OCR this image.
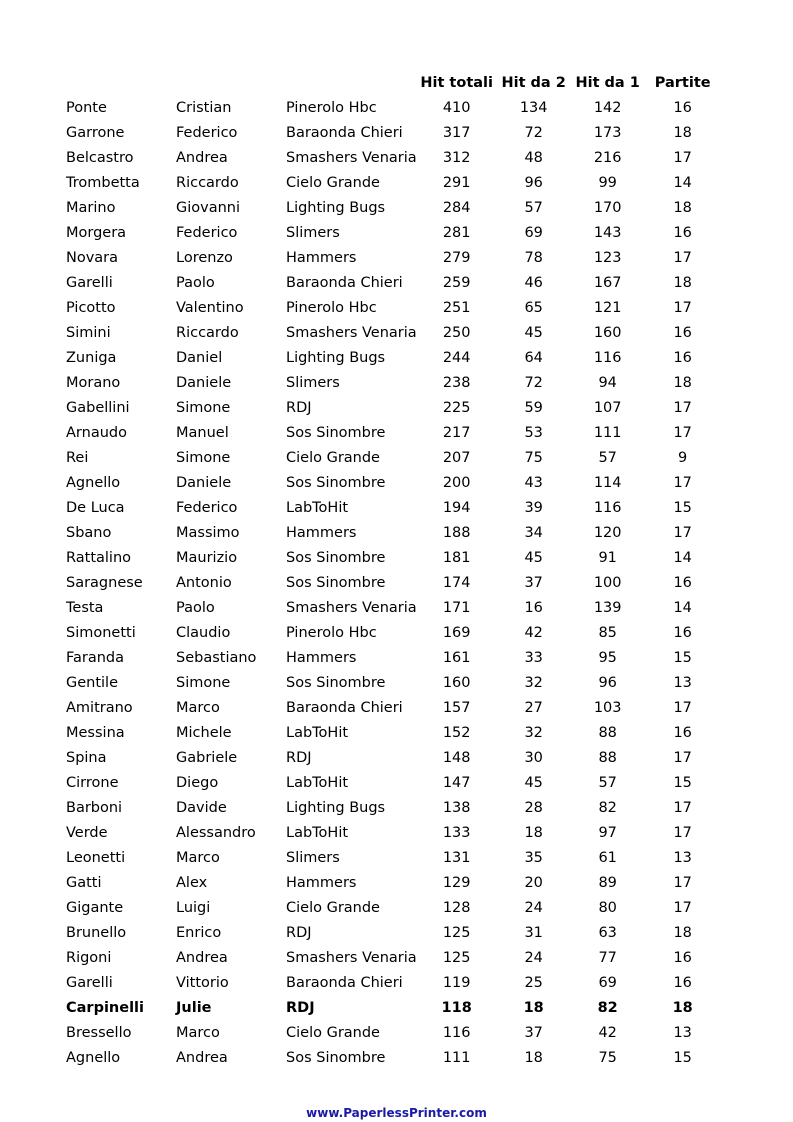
			Hit totali	Hit da 2	Hit da 1	Partite
Ponte	Cristian	Pinerolo Hbc	410	134	142	16
Garrone	Federico	Baraonda Chieri	317	72	173	18
Belcastro	Andrea	Smashers Venaria	312	48	216	17
Trombetta	Riccardo	Cielo Grande	291	96	99	14
Marino	Giovanni	Lighting Bugs	284	57	170	18
Morgera	Federico	Slimers	281	69	143	16
Novara	Lorenzo	Hammers	279	78	123	17
Garelli	Paolo	Baraonda Chieri	259	46	167	18
Picotto	Valentino	Pinerolo Hbc	251	65	121	17
Simini	Riccardo	Smashers Venaria	250	45	160	16
Zuniga	Daniel	Lighting Bugs	244	64	116	16
Morano	Daniele	Slimers	238	72	94	18
Gabellini	Simone	RDJ	225	59	107	17
Arnaudo	Manuel	Sos Sinombre	217	53	111	17
Rei	Simone	Cielo Grande	207	75	57	9
Agnello	Daniele	Sos Sinombre	200	43	114	17
De Luca	Federico	LabToHit	194	39	116	15
Sbano	Massimo	Hammers	188	34	120	17
Rattalino	Maurizio	Sos Sinombre	181	45	91	14
Saragnese	Antonio	Sos Sinombre	174	37	100	16
Testa	Paolo	Smashers Venaria	171	16	139	14
Simonetti	Claudio	Pinerolo Hbc	169	42	85	16
Faranda	Sebastiano	Hammers	161	33	95	15
Gentile	Simone	Sos Sinombre	160	32	96	13
Amitrano	Marco	Baraonda Chieri	157	27	103	17
Messina	Michele	LabToHit	152	32	88	16
Spina	Gabriele	RDJ	148	30	88	17
Cirrone	Diego	LabToHit	147	45	57	15
Barboni	Davide	Lighting Bugs	138	28	82	17
Verde	Alessandro	LabToHit	133	18	97	17
Leonetti	Marco	Slimers	131	35	61	13
Gatti	Alex	Hammers	129	20	89	17
Gigante	Luigi	Cielo Grande	128	24	80	17
Brunello	Enrico	RDJ	125	31	63	18
Rigoni	Andrea	Smashers Venaria	125	24	77	16
Garelli	Vittorio	Baraonda Chieri	119	25	69	16
Carpinelli	Julie	RDJ	118	18	82	18
Bressello	Marco	Cielo Grande	116	37	42	13
Agnello	Andrea	Sos Sinombre	111	18	75	15
www.PaperlessPrinter.com
